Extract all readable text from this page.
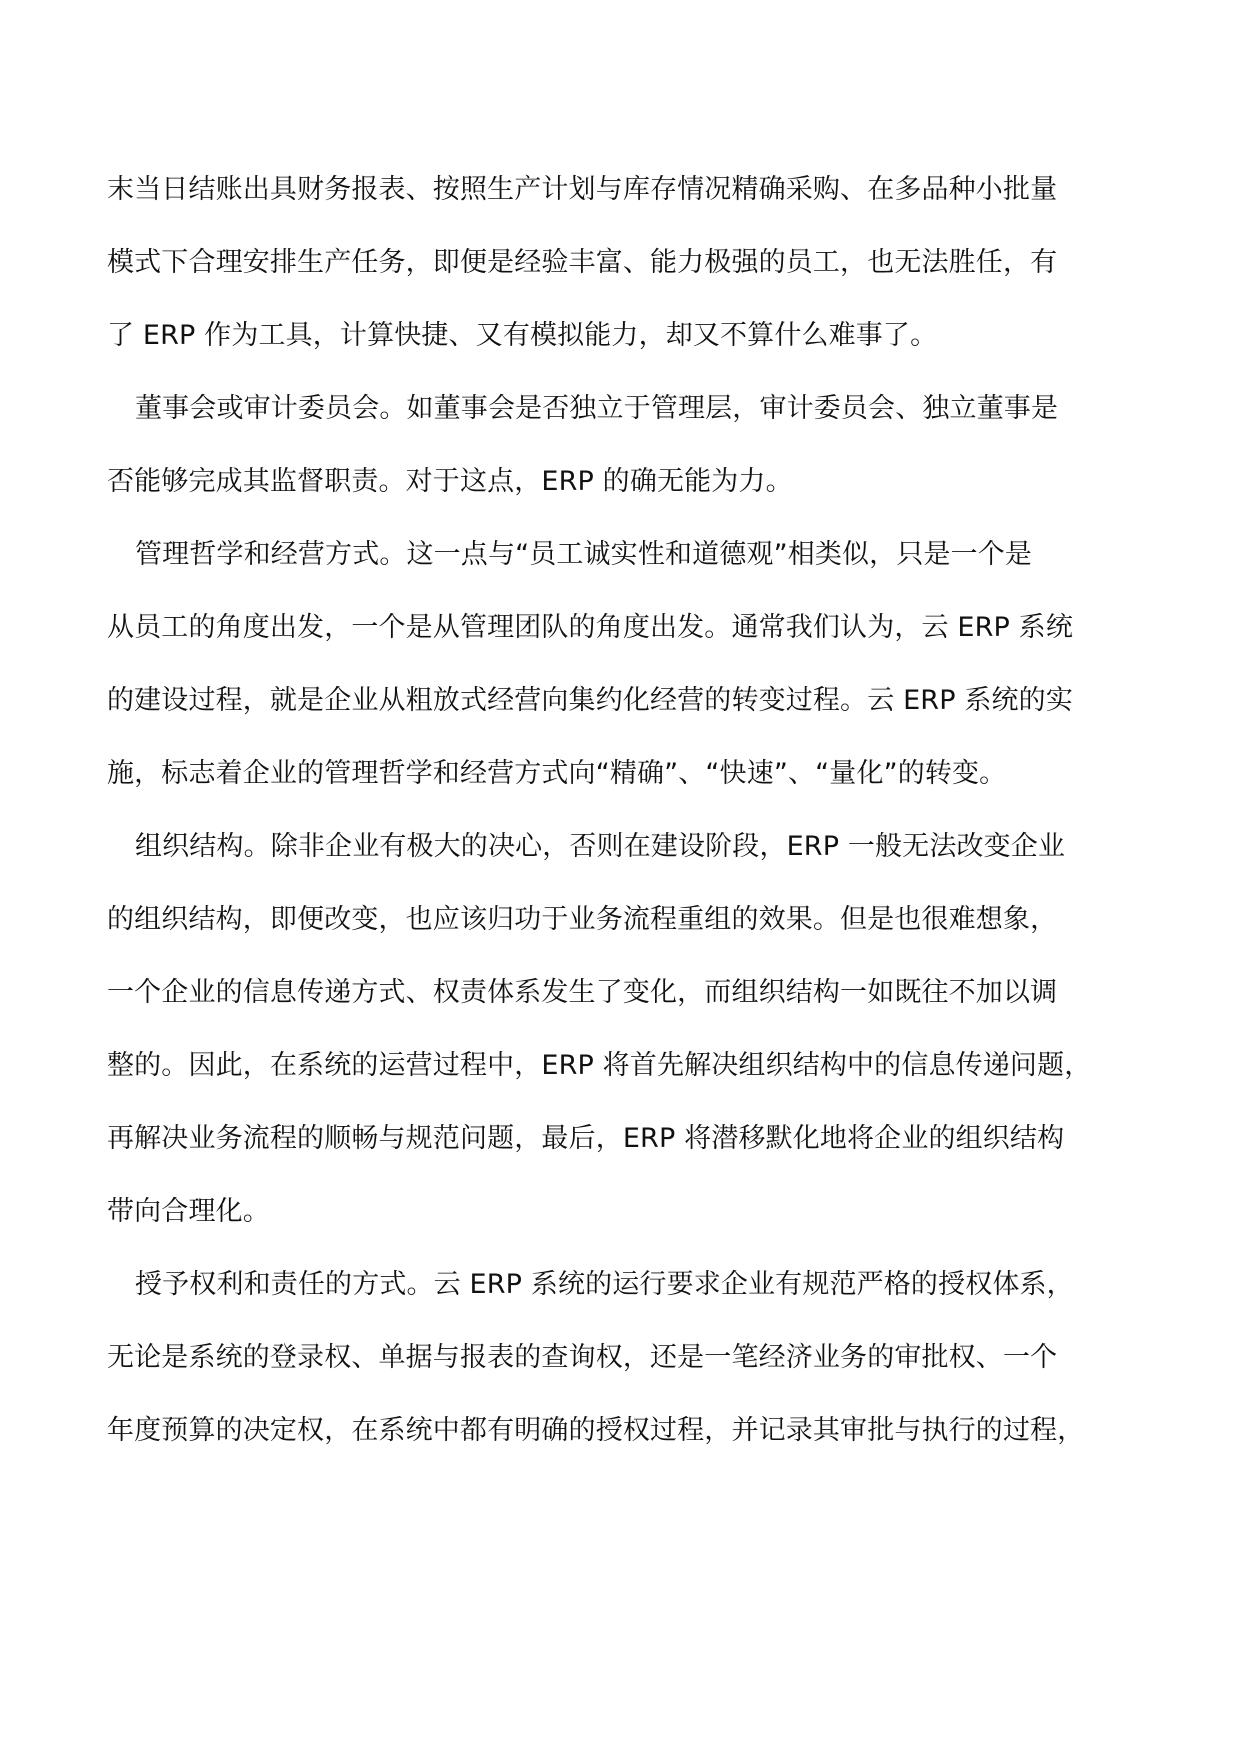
末当日结账出具财务报表、按照生产计划与库存情况精确采购、在多品种小批量
模式下合理安排生产任务，即便是经验丰富、能力极强的员工，也无法胜任，有
了 ERP 作为工具，计算快捷、又有模拟能力，却又不算什么难事了。
董事会或审计委员会。如董事会是否独立于管理层，审计委员会、独立董事是
否能够完成其监督职责。对于这点，ERP 的确无能为力。
管理哲学和经营方式。这一点与“员工诚实性和道德观”相类似，只是一个是
从员工的角度出发，一个是从管理团队的角度出发。通常我们认为，云 ERP 系统
的建设过程，就是企业从粗放式经营向集约化经营的转变过程。云 ERP 系统的实
施，标志着企业的管理哲学和经营方式向“精确”、“快速”、“量化”的转变。
组织结构。除非企业有极大的决心，否则在建设阶段，ERP 一般无法改变企业
的组织结构，即便改变，也应该归功于业务流程重组的效果。但是也很难想象，
一个企业的信息传递方式、权责体系发生了变化，而组织结构一如既往不加以调
整的。因此，在系统的运营过程中，ERP 将首先解决组织结构中的信息传递问题，
再解决业务流程的顺畅与规范问题，最后，ERP 将潜移默化地将企业的组织结构
带向合理化。
授予权利和责任的方式。云 ERP 系统的运行要求企业有规范严格的授权体系，
无论是系统的登录权、单据与报表的查询权，还是一笔经济业务的审批权、一个
年度预算的决定权，在系统中都有明确的授权过程，并记录其审批与执行的过程，
